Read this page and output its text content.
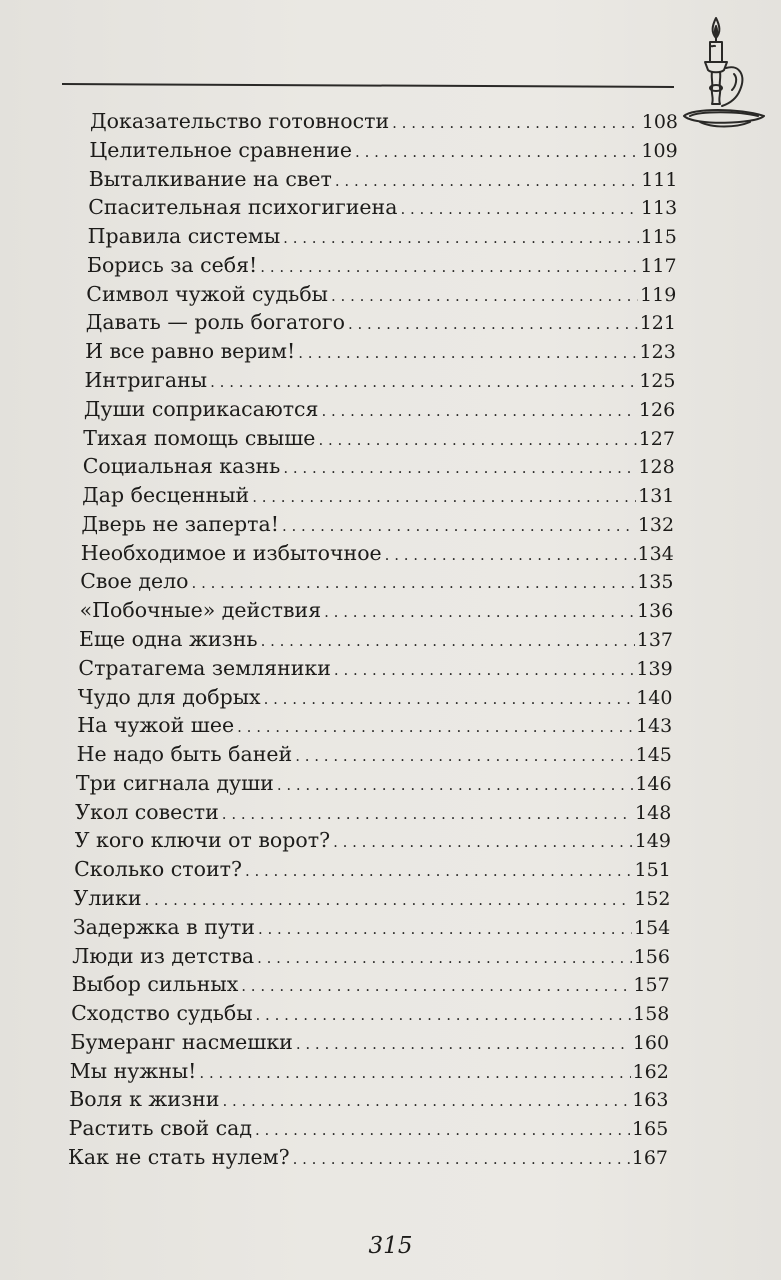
Доказательство готовности . . .	108
Целительное сравнение . . .	109
Выталкивание на свет . . .	111
Спасительная психогигиена . . .	113
Правила системы . . .	115
Борись за себя! . . .	117
Символ чужой судьбы . . .	119
Давать — роль богатого . . .	121
И все равно верим! . . .	123
Интриганы . . .	125
Души соприкасаются . . .	126
Тихая помощь свыше . . .	127
Социальная казнь . . .	128
Дар бесценный . . .	131
Дверь не заперта! . . .	132
Необходимое и избыточное . . .	134
Свое дело . . .	135
«Побочные» действия . . .	136
Еще одна жизнь . . .	137
Стратагема земляники . . .	139
Чудо для добрых . . .	140
На чужой шее . . .	143
Не надо быть баней . . .	145
Три сигнала души . . .	146
Укол совести . . .	148
У кого ключи от ворот? . . .	149
Сколько стоит? . . .	151
Улики . . .	152
Задержка в пути . . .	154
Люди из детства . . .	156
Выбор сильных . . .	157
Сходство судьбы . . .	158
Бумеранг насмешки . . .	160
Мы нужны! . . .	162
Воля к жизни . . .	163
Растить свой сад . . .	165
Как не стать нулем? . . .	167
315
